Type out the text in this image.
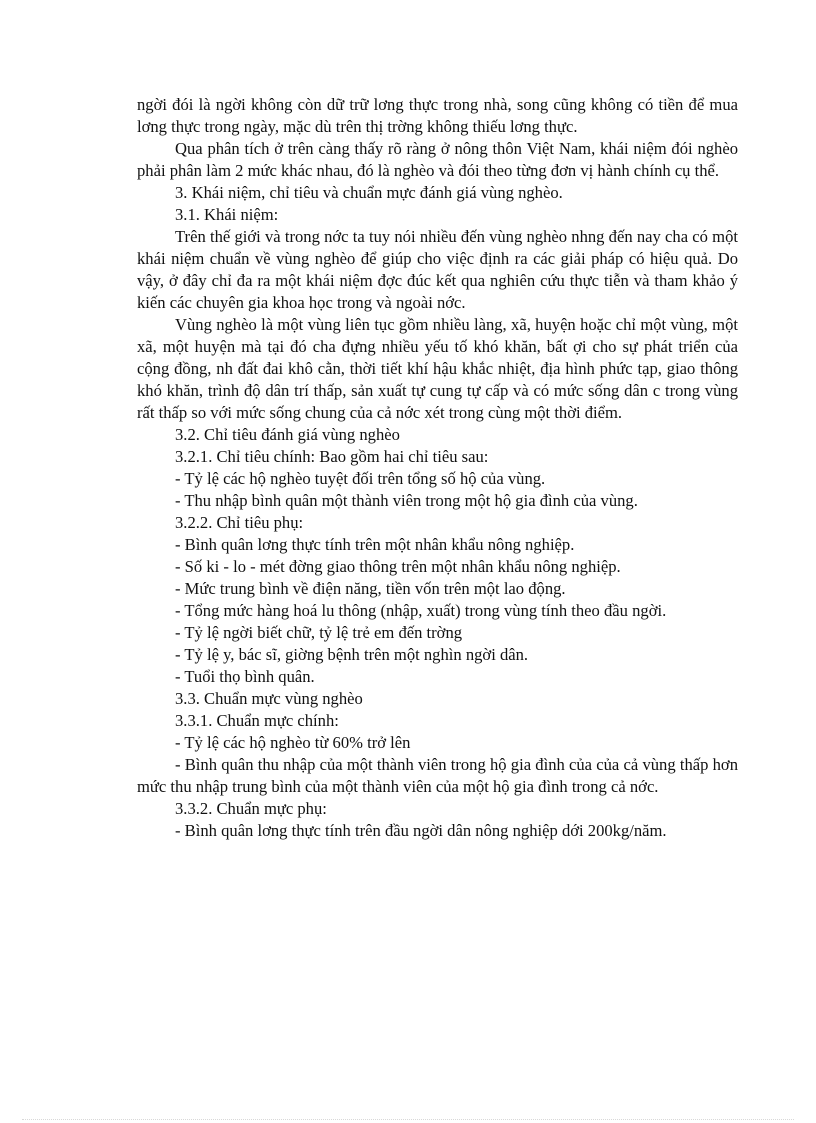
ngời đói là ngời không còn dữ trữ lơng thực trong nhà, song cũng không có tiền để mua lơng thực trong ngày, mặc dù trên thị trờng không thiếu lơng thực.

Qua phân tích ở trên càng thấy rõ ràng ở nông thôn Việt Nam, khái niệm đói nghèo phải phân làm 2 mức khác nhau, đó là nghèo và đói theo từng đơn vị hành chính cụ thể.

3. Khái niệm, chỉ tiêu và chuẩn mực đánh giá vùng nghèo.

3.1. Khái niệm:

Trên thế giới và trong nớc ta tuy nói nhiều đến vùng nghèo nhng đến nay cha có một khái niệm chuẩn về vùng nghèo để giúp cho việc định ra các giải pháp có hiệu quả. Do vậy, ở đây chỉ đa ra một khái niệm đợc đúc kết qua nghiên cứu thực tiễn và tham khảo ý kiến các chuyên gia khoa học trong và ngoài nớc.

Vùng nghèo là một vùng liên tục gồm nhiều làng, xã, huyện hoặc chỉ một vùng, một xã, một huyện mà tại đó cha đựng nhiều yếu tố khó khăn, bất ợi cho sự phát triển của cộng đồng, nh đất đai khô cằn, thời tiết khí hậu khắc nhiệt, địa hình phức tạp, giao thông khó khăn, trình độ dân trí thấp, sản xuất tự cung tự cấp và có mức sống dân c trong vùng rất thấp so với mức sống chung của cả nớc xét trong cùng một thời điểm.

3.2. Chỉ tiêu đánh giá vùng nghèo

3.2.1. Chỉ tiêu chính: Bao gồm hai chỉ tiêu sau:

- Tỷ lệ các hộ nghèo tuyệt đối trên tổng số hộ của vùng.

- Thu nhập bình quân một thành viên trong một hộ gia đình của vùng.

3.2.2. Chỉ tiêu phụ:

- Bình quân lơng thực tính trên một nhân khẩu nông nghiệp.

- Số ki - lo - mét đờng giao thông trên một nhân khẩu nông nghiệp.

- Mức trung bình về điện năng, tiền vốn trên một lao động.

- Tổng mức hàng hoá lu thông (nhập, xuất) trong vùng tính theo đầu ngời.

- Tỷ lệ ngời biết chữ, tỷ lệ trẻ em đến trờng

- Tỷ lệ y, bác sĩ, giờng bệnh trên một nghìn ngời dân.

- Tuổi thọ bình quân.

3.3. Chuẩn mực vùng nghèo

3.3.1. Chuẩn mực chính:

- Tỷ lệ các hộ nghèo từ 60% trở lên

- Bình quân thu nhập của một thành viên trong hộ gia đình của của cả vùng thấp hơn mức thu nhập trung bình của một thành viên của một hộ gia đình trong cả nớc.

3.3.2. Chuẩn mực phụ:

- Bình quân lơng thực tính trên đầu ngời dân nông nghiệp dới 200kg/năm.
